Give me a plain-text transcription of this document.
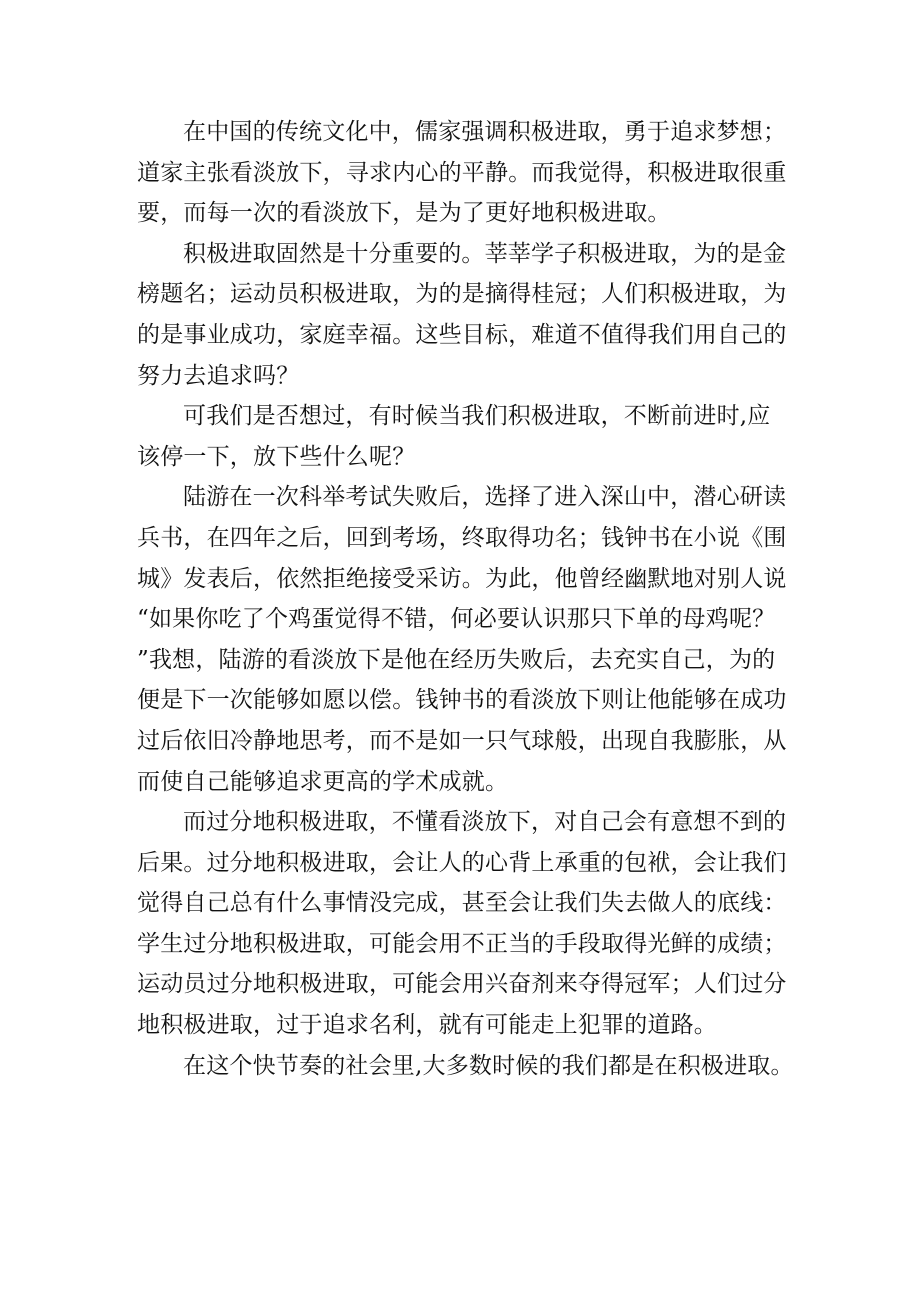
在中国的传统文化中，儒家强调积极进取，勇于追求梦想；
道家主张看淡放下，寻求内心的平静。而我觉得，积极进取很重
要，而每一次的看淡放下，是为了更好地积极进取。
积极进取固然是十分重要的。莘莘学子积极进取，为的是金
榜题名；运动员积极进取，为的是摘得桂冠；人们积极进取，为
的是事业成功，家庭幸福。这些目标，难道不值得我们用自己的
努力去追求吗？
可我们是否想过，有时候当我们积极进取，不断前进时,应
该停一下，放下些什么呢？
陆游在一次科举考试失败后，选择了进入深山中，潜心研读
兵书，在四年之后，回到考场，终取得功名；钱钟书在小说《围
城》发表后，依然拒绝接受采访。为此，他曾经幽默地对别人说
“如果你吃了个鸡蛋觉得不错，何必要认识那只下单的母鸡呢？
”我想，陆游的看淡放下是他在经历失败后，去充实自己，为的
便是下一次能够如愿以偿。钱钟书的看淡放下则让他能够在成功
过后依旧冷静地思考，而不是如一只气球般，出现自我膨胀，从
而使自己能够追求更高的学术成就。
而过分地积极进取，不懂看淡放下，对自己会有意想不到的
后果。过分地积极进取，会让人的心背上承重的包袱，会让我们
觉得自己总有什么事情没完成，甚至会让我们失去做人的底线：
学生过分地积极进取，可能会用不正当的手段取得光鲜的成绩；
运动员过分地积极进取，可能会用兴奋剂来夺得冠军；人们过分
地积极进取，过于追求名利，就有可能走上犯罪的道路。
在这个快节奏的社会里,大多数时候的我们都是在积极进取。
